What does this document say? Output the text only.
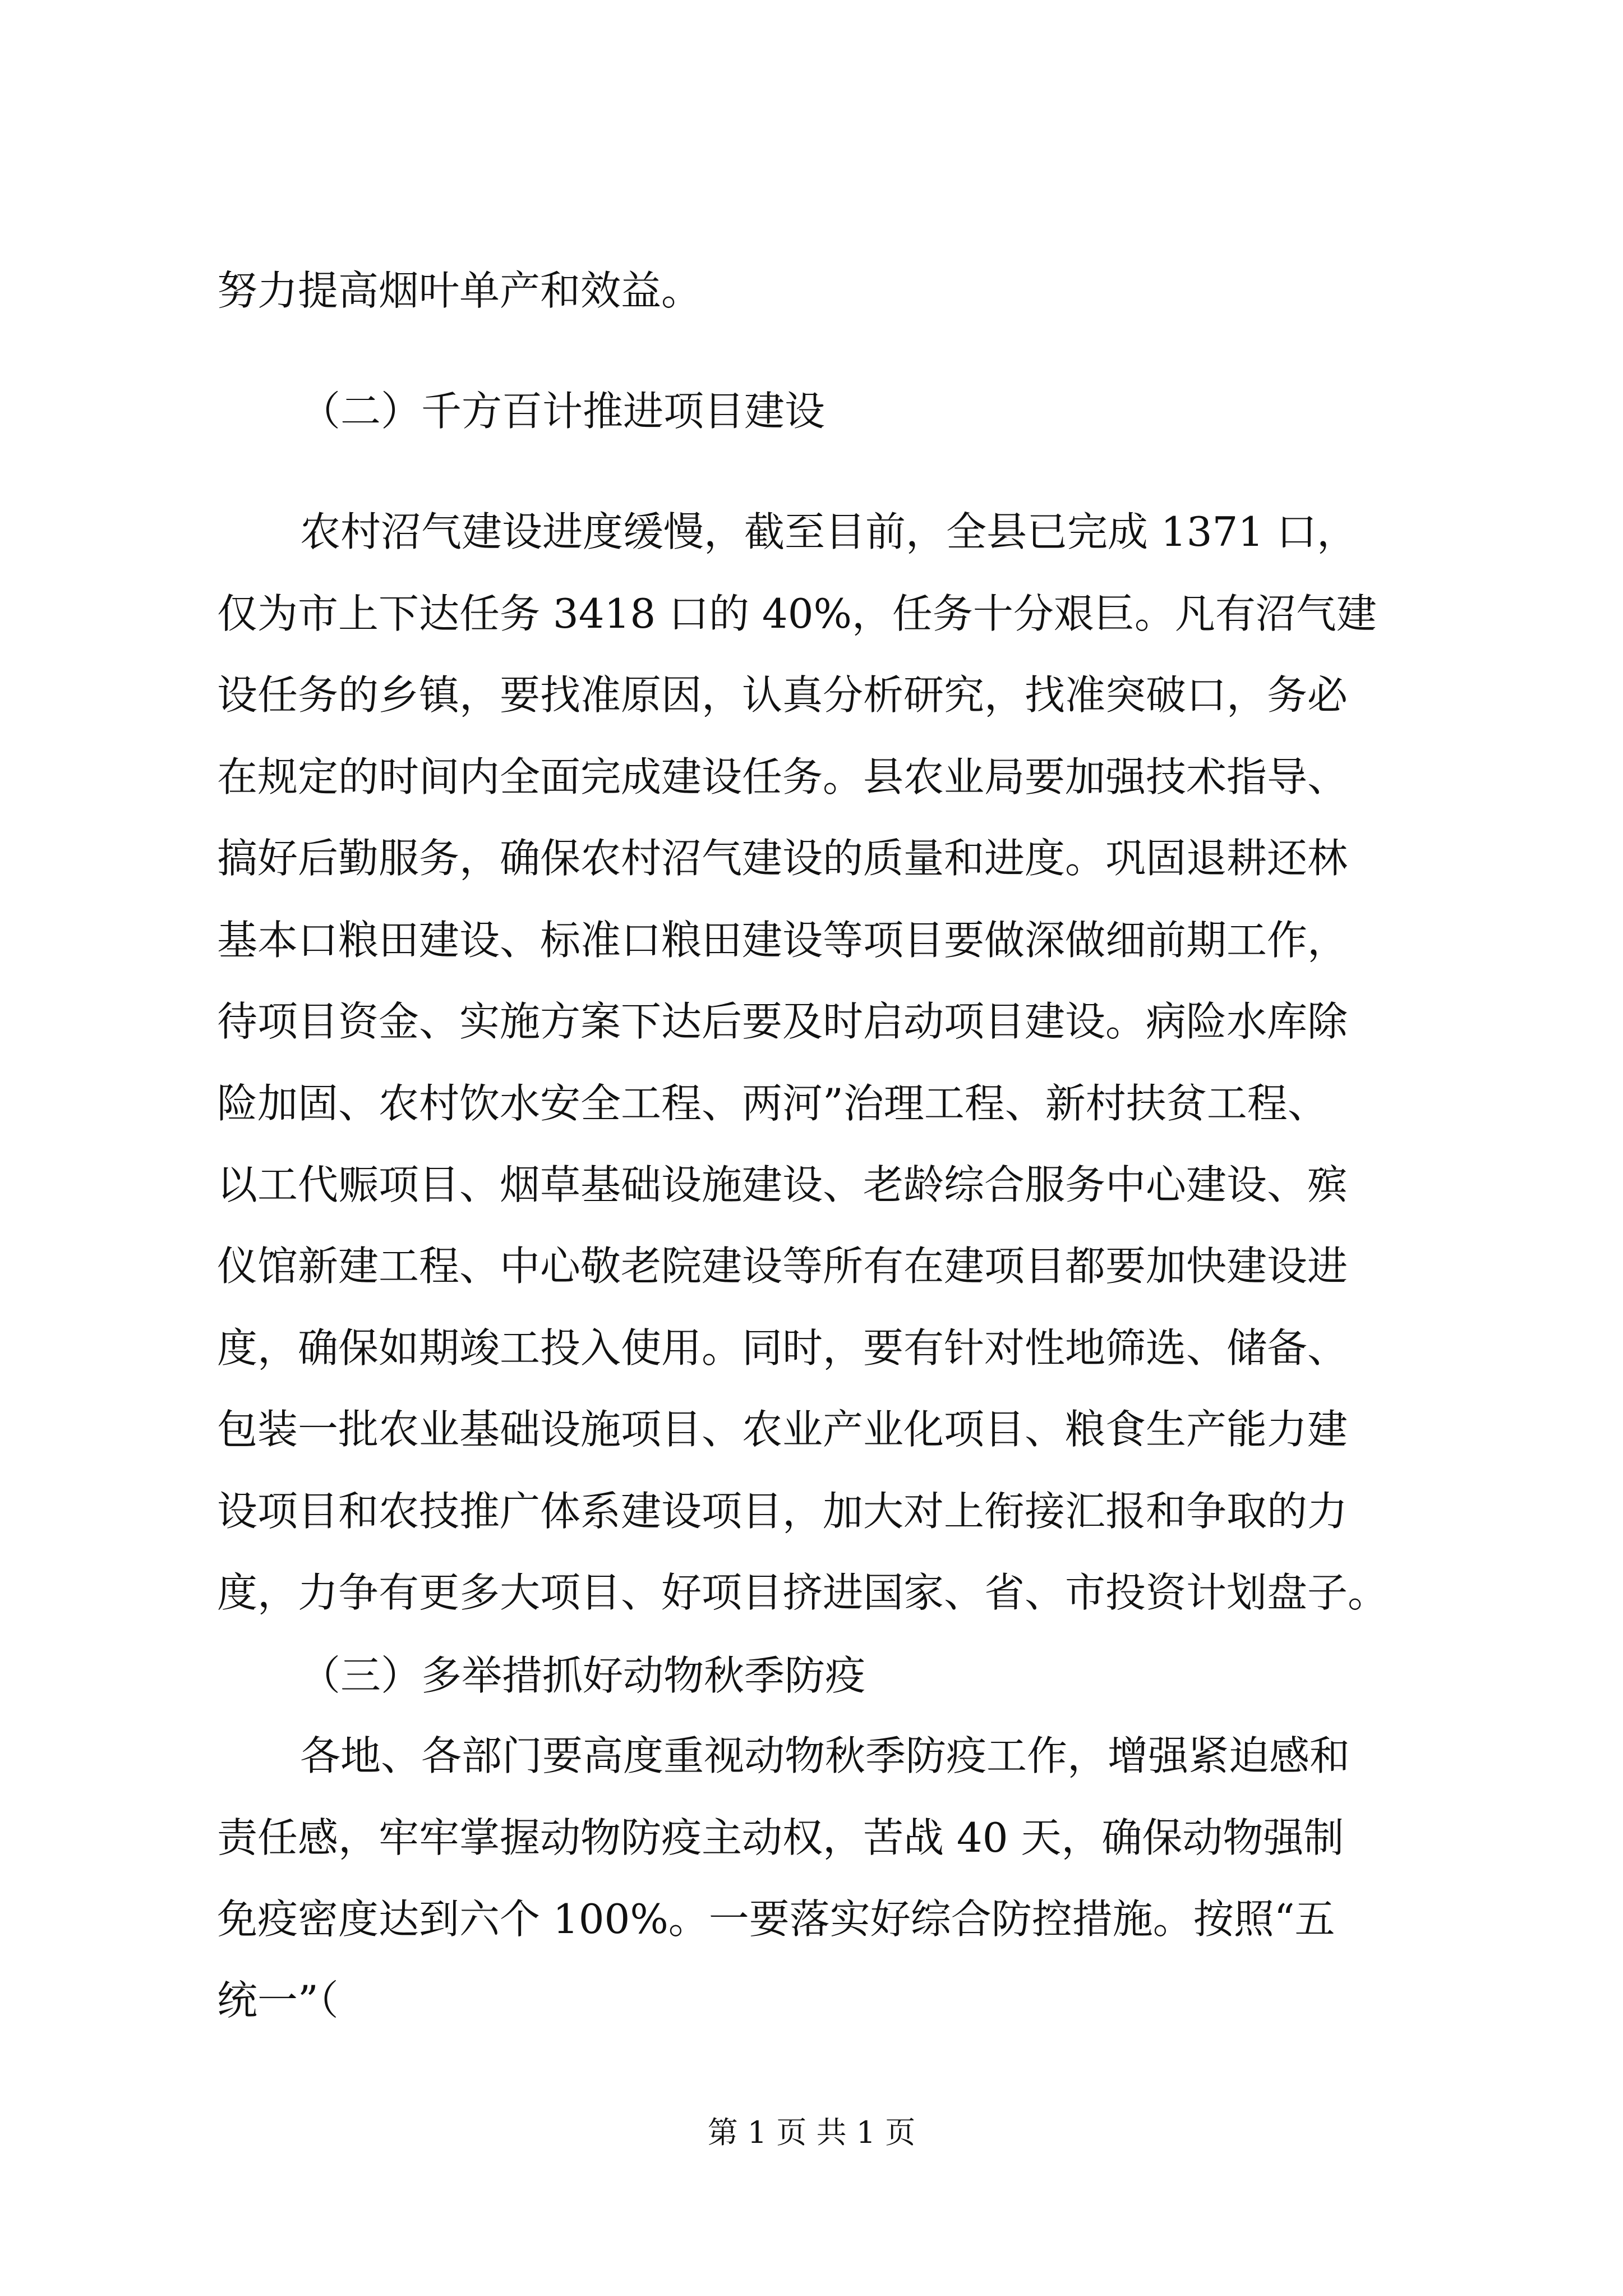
努力提高烟叶单产和效益。
（二）千方百计推进项目建设
农村沼气建设进度缓慢，截至目前，全县已完成 1371 口，
仅为市上下达任务 3418 口的 40%，任务十分艰巨。凡有沼气建
设任务的乡镇，要找准原因，认真分析研究，找准突破口，务必
在规定的时间内全面完成建设任务。县农业局要加强技术指导、
搞好后勤服务，确保农村沼气建设的质量和进度。巩固退耕还林
基本口粮田建设、标准口粮田建设等项目要做深做细前期工作，
待项目资金、实施方案下达后要及时启动项目建设。病险水库除
险加固、农村饮水安全工程、两河”治理工程、新村扶贫工程、
以工代赈项目、烟草基础设施建设、老龄综合服务中心建设、殡
仪馆新建工程、中心敬老院建设等所有在建项目都要加快建设进
度，确保如期竣工投入使用。同时，要有针对性地筛选、储备、
包装一批农业基础设施项目、农业产业化项目、粮食生产能力建
设项目和农技推广体系建设项目，加大对上衔接汇报和争取的力
度，力争有更多大项目、好项目挤进国家、省、市投资计划盘子。
（三）多举措抓好动物秋季防疫
各地、各部门要高度重视动物秋季防疫工作，增强紧迫感和
责任感，牢牢掌握动物防疫主动权，苦战 40 天，确保动物强制
免疫密度达到六个 100%。一要落实好综合防控措施。按照“五
统一”（
第 1 页 共 1 页
